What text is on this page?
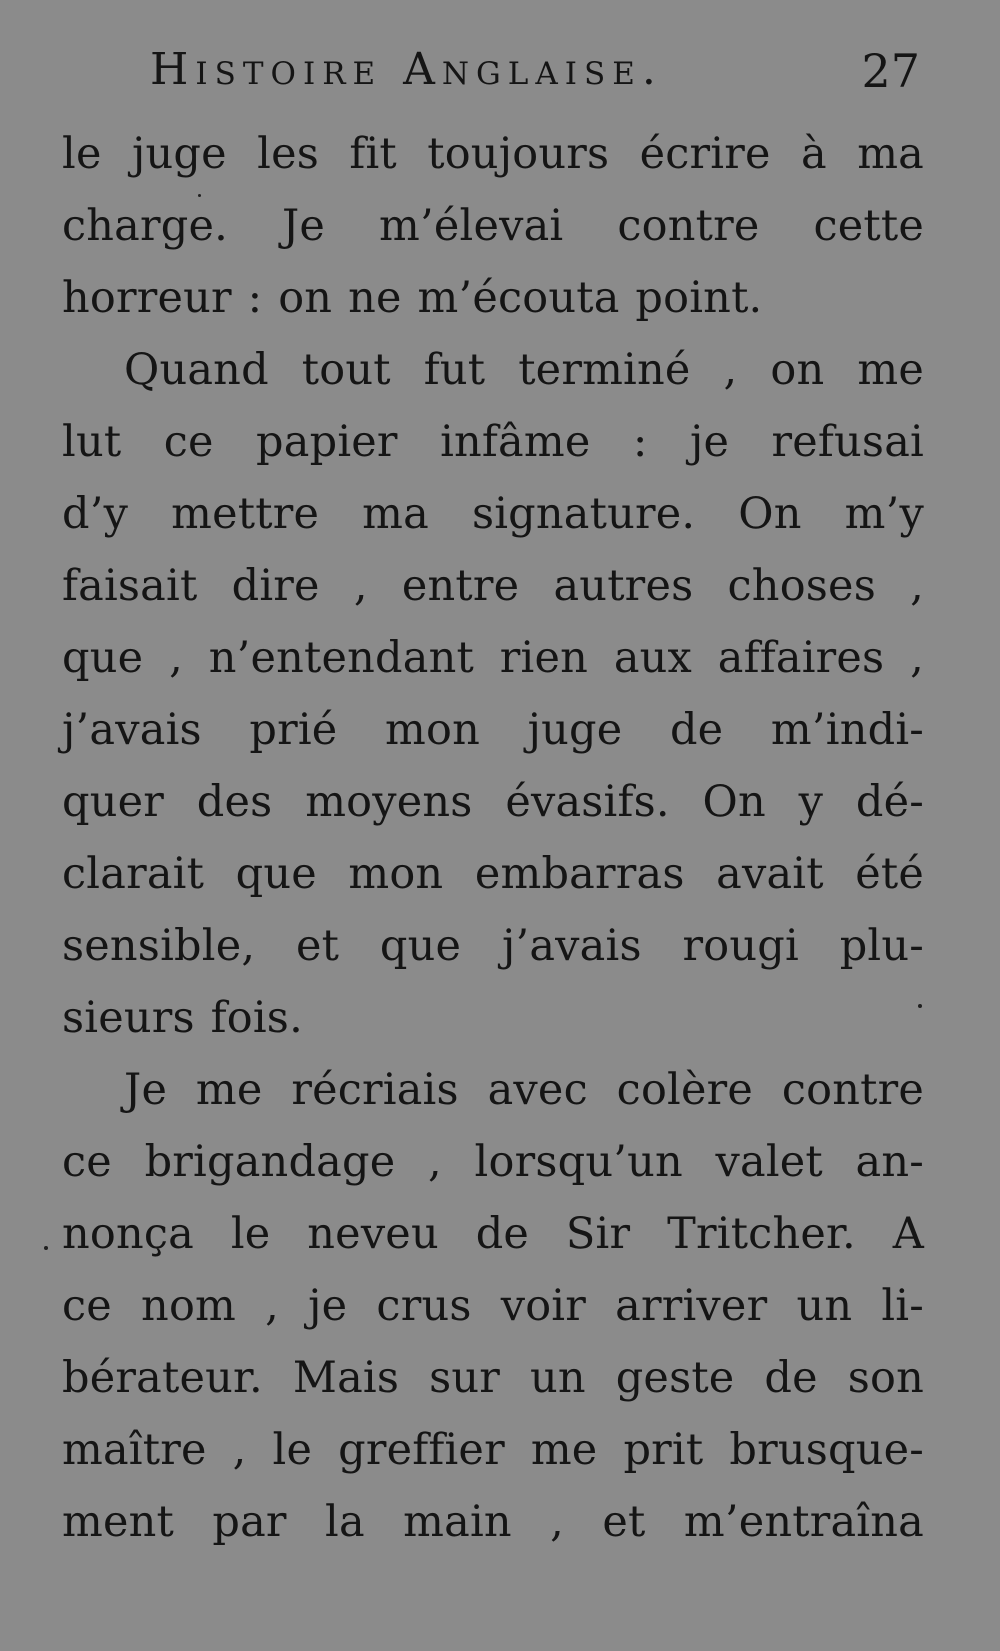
Histoire Anglaise.	27
le juge les fit toujours écrire à ma
charge. Je m’élevai contre cette
horreur : on ne m’écouta point.
Quand tout fut terminé , on me
lut ce papier infâme : je refusai
d’y mettre ma signature. On m’y
faisait dire , entre autres choses ,
que , n’entendant rien aux affaires ,
j’avais prié mon juge de m’indi-
quer des moyens évasifs. On y dé-
clarait que mon embarras avait été
sensible, et que j’avais rougi plu-
sieurs fois.
Je me récriais avec colère contre
ce brigandage , lorsqu’un valet an-
nonça le neveu de Sir Tritcher. A
ce nom , je crus voir arriver un li-
bérateur. Mais sur un geste de son
maître , le greffier me prit brusque-
ment par la main , et m’entraîna
